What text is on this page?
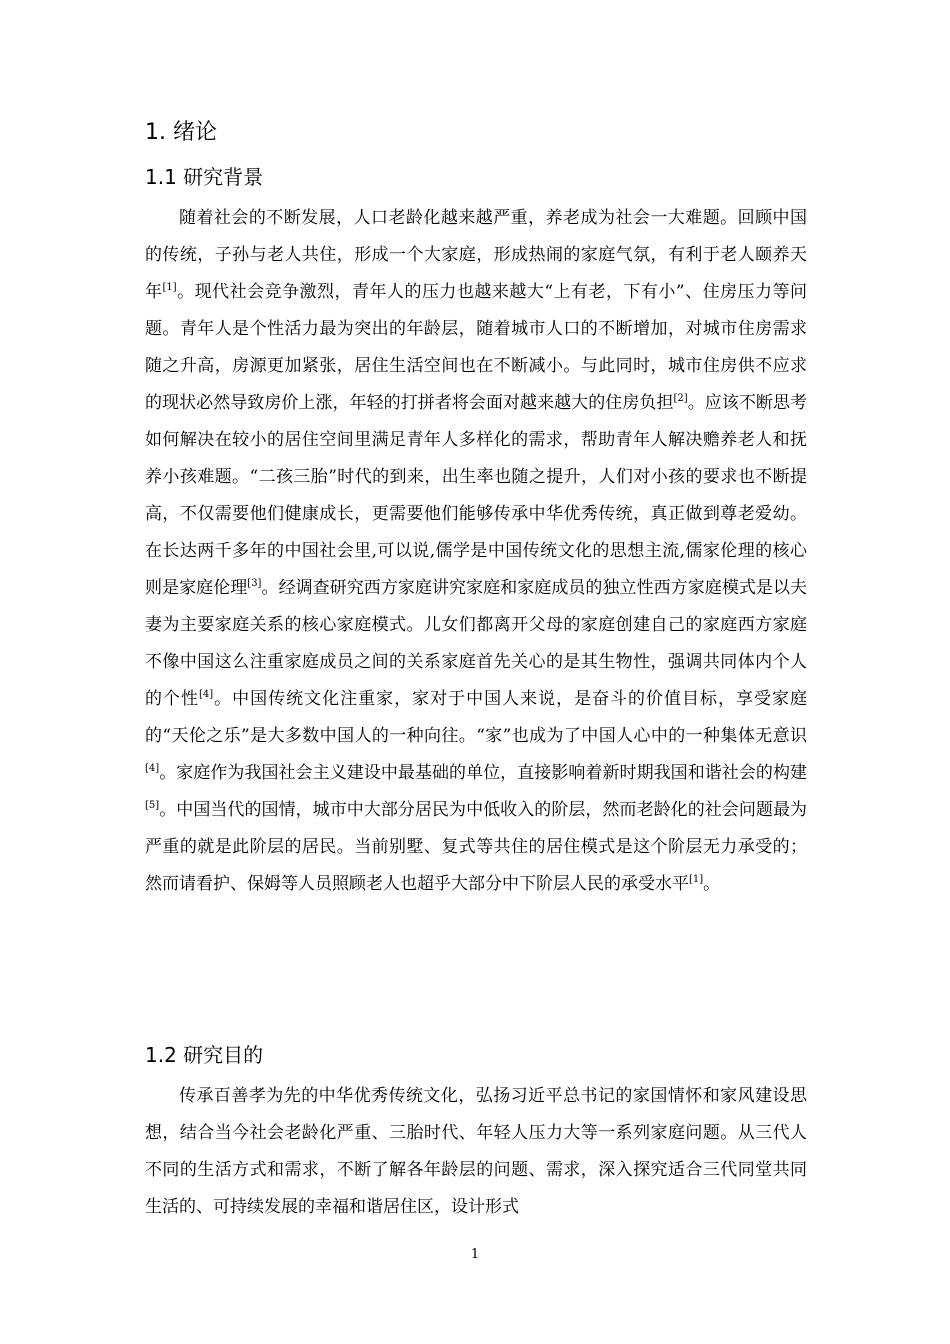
1. 绪论
1.1 研究背景
随着社会的不断发展，人口老龄化越来越严重，养老成为社会一大难题。回顾中国的传统，子孙与老人共住，形成一个大家庭，形成热闹的家庭气氛，有利于老人颐养天年[1]。现代社会竞争激烈，青年人的压力也越来越大“上有老，下有小”、住房压力等问题。青年人是个性活力最为突出的年龄层，随着城市人口的不断增加，对城市住房需求随之升高，房源更加紧张，居住生活空间也在不断减小。与此同时，城市住房供不应求的现状必然导致房价上涨，年轻的打拼者将会面对越来越大的住房负担[2]。应该不断思考如何解决在较小的居住空间里满足青年人多样化的需求，帮助青年人解决赡养老人和抚养小孩难题。“二孩三胎”时代的到来，出生率也随之提升，人们对小孩的要求也不断提高，不仅需要他们健康成长，更需要他们能够传承中华优秀传统，真正做到尊老爱幼。在长达两千多年的中国社会里,可以说,儒学是中国传统文化的思想主流,儒家伦理的核心则是家庭伦理[3]。经调查研究西方家庭讲究家庭和家庭成员的独立性西方家庭模式是以夫妻为主要家庭关系的核心家庭模式。儿女们都离开父母的家庭创建自己的家庭西方家庭不像中国这么注重家庭成员之间的关系家庭首先关心的是其生物性，强调共同体内个人的个性[4]。中国传统文化注重家，家对于中国人来说，是奋斗的价值目标，享受家庭的“天伦之乐”是大多数中国人的一种向往。“家”也成为了中国人心中的一种集体无意识[4]。家庭作为我国社会主义建设中最基础的单位，直接影响着新时期我国和谐社会的构建[5]。中国当代的国情，城市中大部分居民为中低收入的阶层，然而老龄化的社会问题最为严重的就是此阶层的居民。当前别墅、复式等共住的居住模式是这个阶层无力承受的；然而请看护、保姆等人员照顾老人也超乎大部分中下阶层人民的承受水平[1]。
1.2 研究目的
传承百善孝为先的中华优秀传统文化，弘扬习近平总书记的家国情怀和家风建设思想，结合当今社会老龄化严重、三胎时代、年轻人压力大等一系列家庭问题。从三代人不同的生活方式和需求，不断了解各年龄层的问题、需求，深入探究适合三代同堂共同生活的、可持续发展的幸福和谐居住区，设计形式
1
